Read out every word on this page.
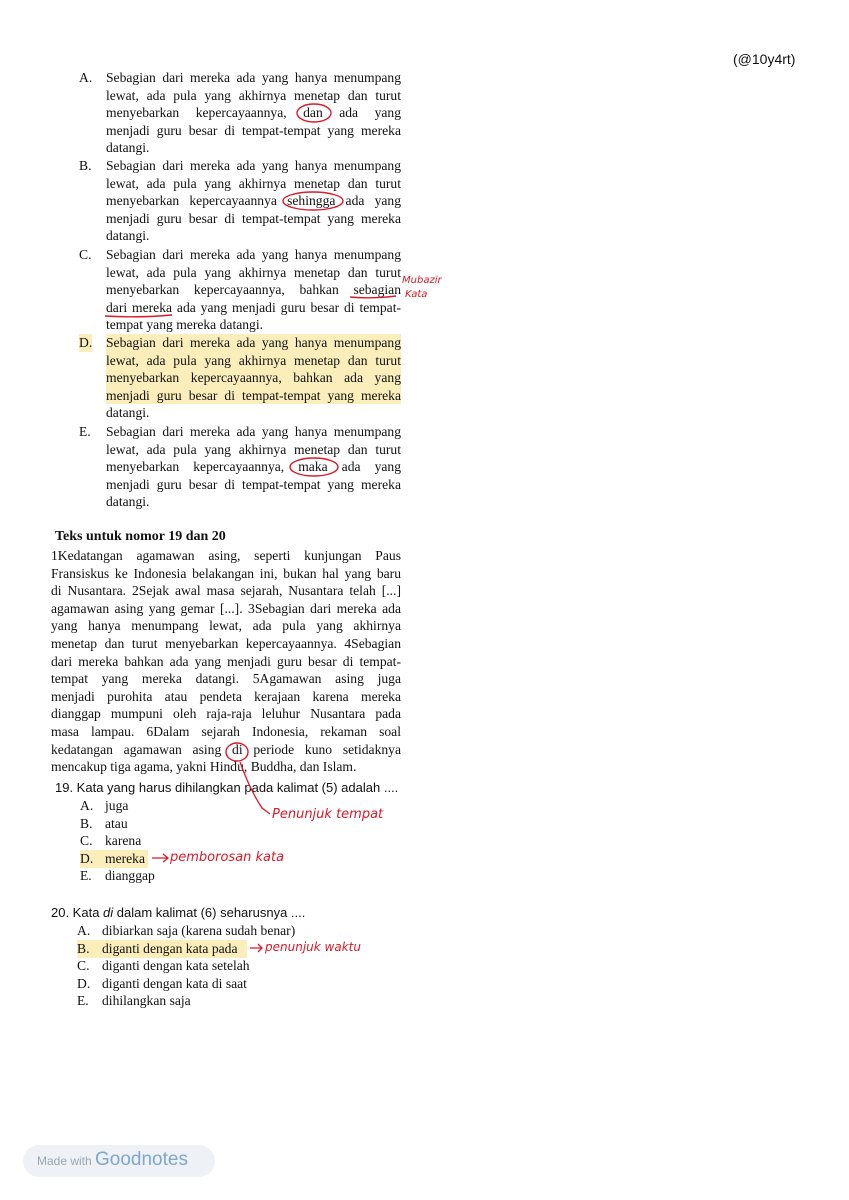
(@10y4rt)
A. Sebagian dari mereka ada yang hanya menumpang
lewat, ada pula yang akhirnya menetap dan turut
menyebarkan kepercayaannya, dan ada yang
menjadi guru besar di tempat-tempat yang mereka
datangi.
B. Sebagian dari mereka ada yang hanya menumpang
lewat, ada pula yang akhirnya menetap dan turut
menyebarkan kepercayaannya sehingga ada yang
menjadi guru besar di tempat-tempat yang mereka
datangi.
C. Sebagian dari mereka ada yang hanya menumpang
lewat, ada pula yang akhirnya menetap dan turut
menyebarkan kepercayaannya, bahkan sebagian
dari mereka ada yang menjadi guru besar di tempat-
tempat yang mereka datangi.
D. Sebagian dari mereka ada yang hanya menumpang
lewat, ada pula yang akhirnya menetap dan turut
menyebarkan kepercayaannya, bahkan ada yang
menjadi guru besar di tempat-tempat yang mereka
datangi.
E. Sebagian dari mereka ada yang hanya menumpang
lewat, ada pula yang akhirnya menetap dan turut
menyebarkan kepercayaannya, maka ada yang
menjadi guru besar di tempat-tempat yang mereka
datangi.
Teks untuk nomor 19 dan 20
1Kedatangan agamawan asing, seperti kunjungan Paus
Fransiskus ke Indonesia belakangan ini, bukan hal yang baru
di Nusantara. 2Sejak awal masa sejarah, Nusantara telah [...]
agamawan asing yang gemar [...]. 3Sebagian dari mereka ada
yang hanya menumpang lewat, ada pula yang akhirnya
menetap dan turut menyebarkan kepercayaannya. 4Sebagian
dari mereka bahkan ada yang menjadi guru besar di tempat-
tempat yang mereka datangi. 5Agamawan asing juga
menjadi purohita atau pendeta kerajaan karena mereka
dianggap mumpuni oleh raja-raja leluhur Nusantara pada
masa lampau. 6Dalam sejarah Indonesia, rekaman soal
kedatangan agamawan asing di periode kuno setidaknya
mencakup tiga agama, yakni Hindu, Buddha, dan Islam.
19. Kata yang harus dihilangkan pada kalimat (5) adalah ....
A. juga
B. atau
C. karena
D. mereka
E. dianggap
20. Kata di dalam kalimat (6) seharusnya ....
A. dibiarkan saja (karena sudah benar)
B. diganti dengan kata pada
C. diganti dengan kata setelah
D. diganti dengan kata di saat
E. dihilangkan saja
Mubazir
Kata
Penunjuk tempat
pemborosan kata
penunjuk waktu
Made with Goodnotes
